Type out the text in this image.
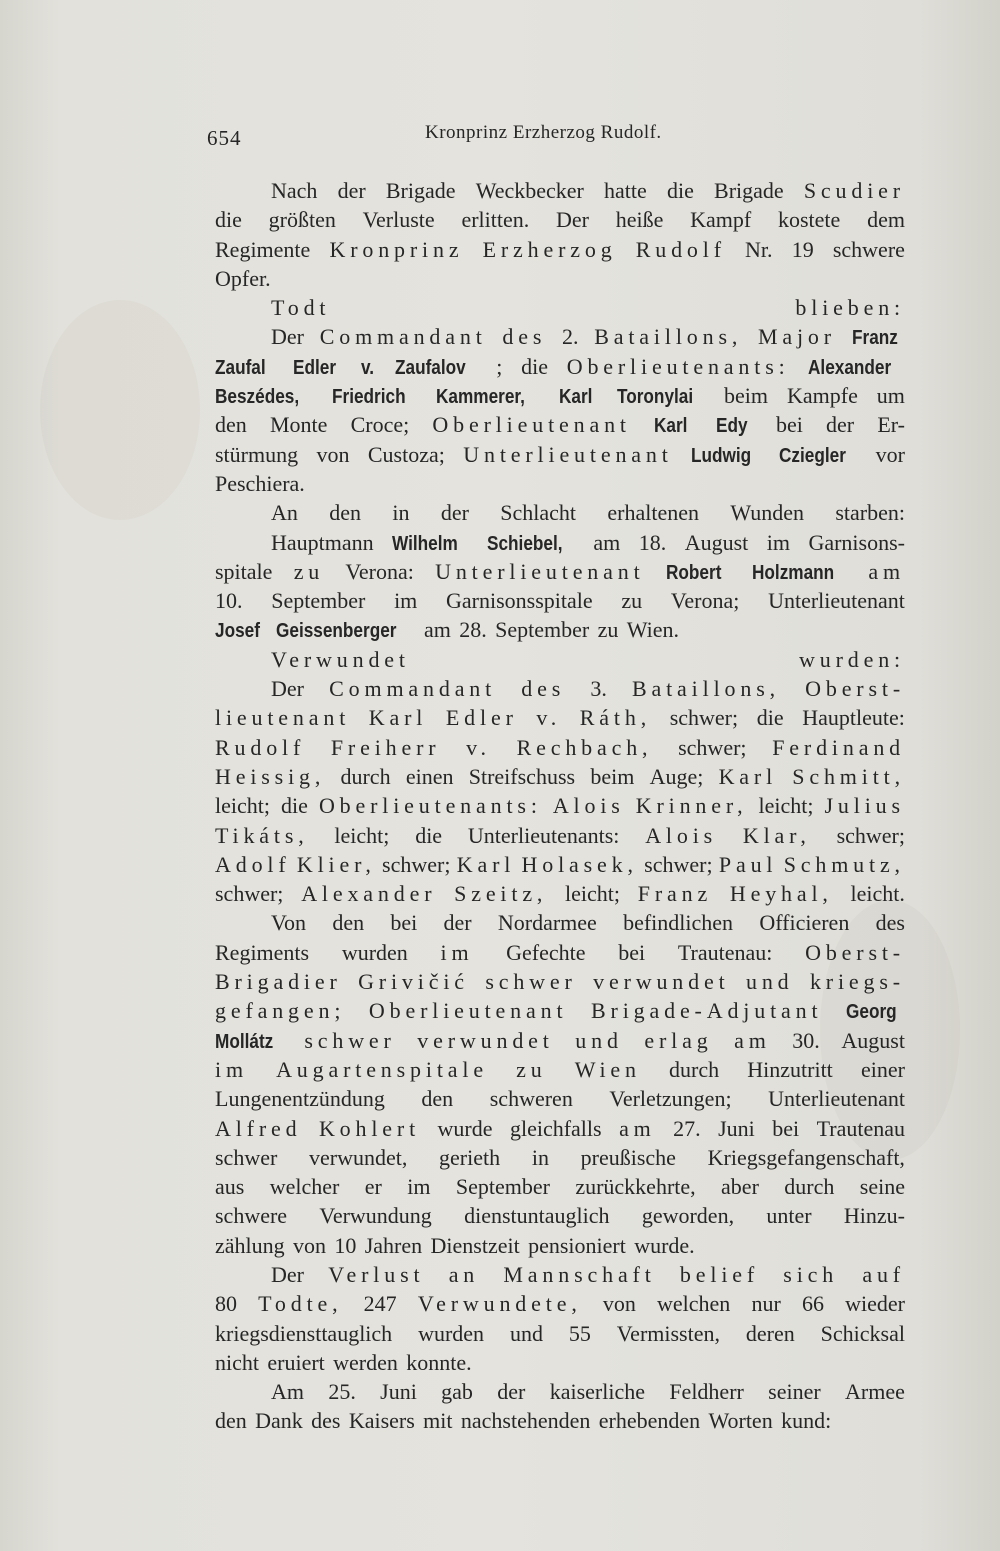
654	Kronprinz Erzherzog Rudolf.
Nach der Brigade Weckbecker hatte die Brigade Scudier
die größten Verluste erlitten. Der heiße Kampf kostete dem
Regimente Kronprinz Erzherzog Rudolf Nr. 19 schwere
Opfer.
Todt	blieben:
Der Commandant des 2. Bataillons, Major Franz
Zaufal Edler v. Zaufalov ; die Oberlieutenants: Alexander
Beszédes, Friedrich Kammerer, Karl Toronylai beim Kampfe um
den Monte Croce; Oberlieutenant Karl Edy bei der Er-
stürmung von Custoza; Unterlieutenant Ludwig Cziegler vor
Peschiera.
An den in der Schlacht erhaltenen Wunden starben:
Hauptmann Wilhelm Schiebel, am 18. August im Garnisons-
spitale zu Verona: Unterlieutenant Robert Holzmann am
10. September im Garnisonsspitale zu Verona; Unterlieutenant
Josef Geissenberger am 28. September zu Wien.
Verwundet	wurden:
Der Commandant des 3. Bataillons, Oberst-
lieutenant Karl Edler v. Ráth, schwer; die Hauptleute:
Rudolf Freiherr v. Rechbach, schwer; Ferdinand
Heissig, durch einen Streifschuss beim Auge; Karl Schmitt,
leicht; die Oberlieutenants: Alois Krinner, leicht; Julius
Tikáts, leicht; die Unterlieutenants: Alois Klar, schwer;
Adolf Klier, schwer; Karl Holasek, schwer; Paul Schmutz,
schwer; Alexander Szeitz, leicht; Franz Heyhal, leicht.
Von den bei der Nordarmee befindlichen Officieren des
Regiments wurden im Gefechte bei Trautenau: Oberst-
Brigadier Grivičić schwer verwundet und kriegs-
gefangen; Oberlieutenant Brigade-Adjutant Georg
Mollátz schwer verwundet und erlag am 30. August
im Augartenspitale zu Wien durch Hinzutritt einer
Lungenentzündung den schweren Verletzungen; Unterlieutenant
Alfred Kohlert wurde gleichfalls am 27. Juni bei Trautenau
schwer verwundet, gerieth in preußische Kriegsgefangenschaft,
aus welcher er im September zurückkehrte, aber durch seine
schwere Verwundung dienstuntauglich geworden, unter Hinzu-
zählung von 10 Jahren Dienstzeit pensioniert wurde.
Der Verlust an Mannschaft belief sich auf
80 Todte, 247 Verwundete, von welchen nur 66 wieder
kriegsdiensttauglich wurden und 55 Vermissten, deren Schicksal
nicht eruiert werden konnte.
Am 25. Juni gab der kaiserliche Feldherr seiner Armee
den Dank des Kaisers mit nachstehenden erhebenden Worten kund:
